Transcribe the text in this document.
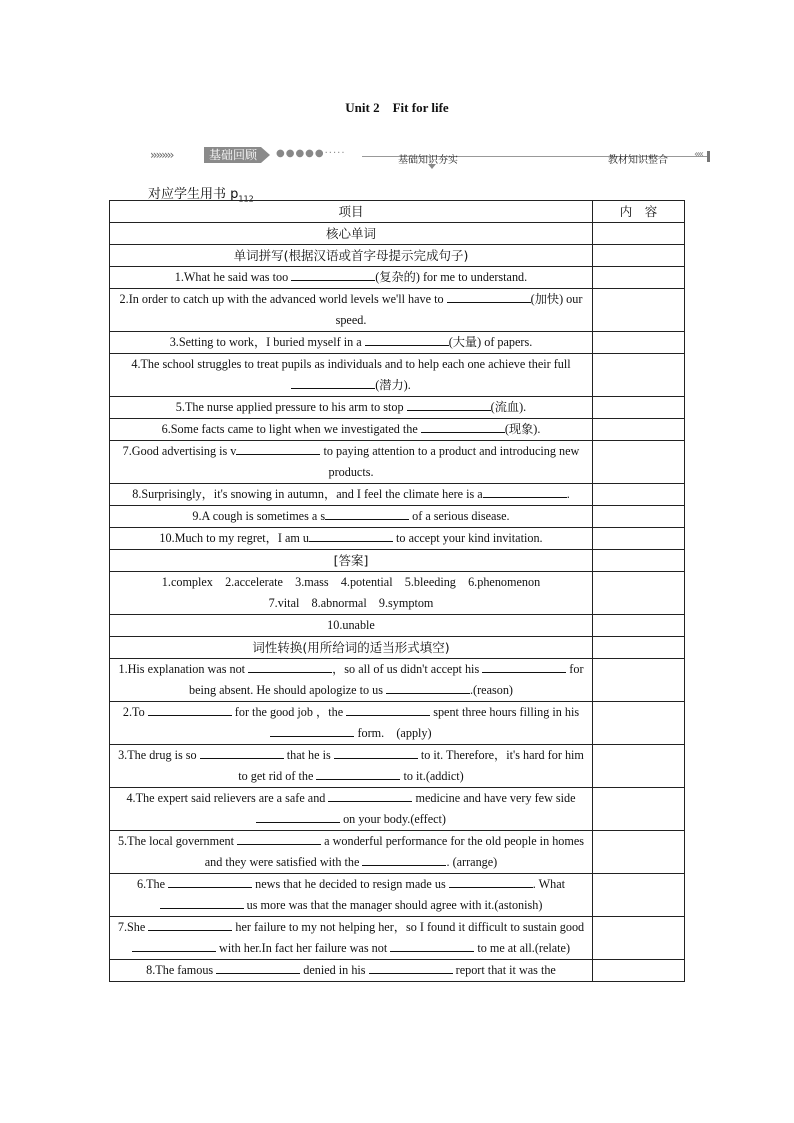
Unit 2　Fit for life
››››››››	基础回顾	●●●●●·····
基础知识夯实	教材知识整合
‹‹‹‹
对应学生用书 $p_{112}$
项目	内　容
核心单词	
单词拼写(根据汉语或首字母提示完成句子)	
1.What he said was too (复杂的) for me to understand.	
2.In order to catch up with the advanced world levels we'll have to (加快) our speed.	
3.Setting to work，I buried myself in a (大量) of papers.	
4.The school struggles to treat pupils as individuals and to help each one achieve their full (潜力).	
5.The nurse applied pressure to his arm to stop (流血).	
6.Some facts came to light when we investigated the (现象).	
7.Good advertising is v to paying attention to a product and introducing new products.	
8.Surprisingly，it's snowing in autumn，and I feel the climate here is a .	
9.A cough is sometimes a s of a serious disease.	
10.Much to my regret，I am u to accept your kind invitation.	
[答案]	

1.complex　2.accelerate　3.mass　4.potential　5.bleeding　6.phenomenon
7.vital　8.abnormal　9.symptom	

10.unable	
词性转换(用所给词的适当形式填空)	
1.His explanation was not ，so all of us didn't accept his for being absent. He should apologize to us .(reason)	
2.To for the good job ，the spent three hours filling in his  form.　(apply)	
3.The drug is so that he is to it. Therefore，it's hard for him to get rid of the to it.(addict)	
4.The expert said relievers are a safe and medicine and have very few side  on your body.(effect)	
5.The local government a wonderful performance for the old people in homes and they were satisfied with the . (arrange)	
6.The news that he decided to resign made us . What  us more was that the manager should agree with it.(astonish)	
7.She her failure to my not helping her，so I found it difficult to sustain good  with her.In fact her failure was not to me at all.(relate)	
8.The famous denied in his report that it was the	
